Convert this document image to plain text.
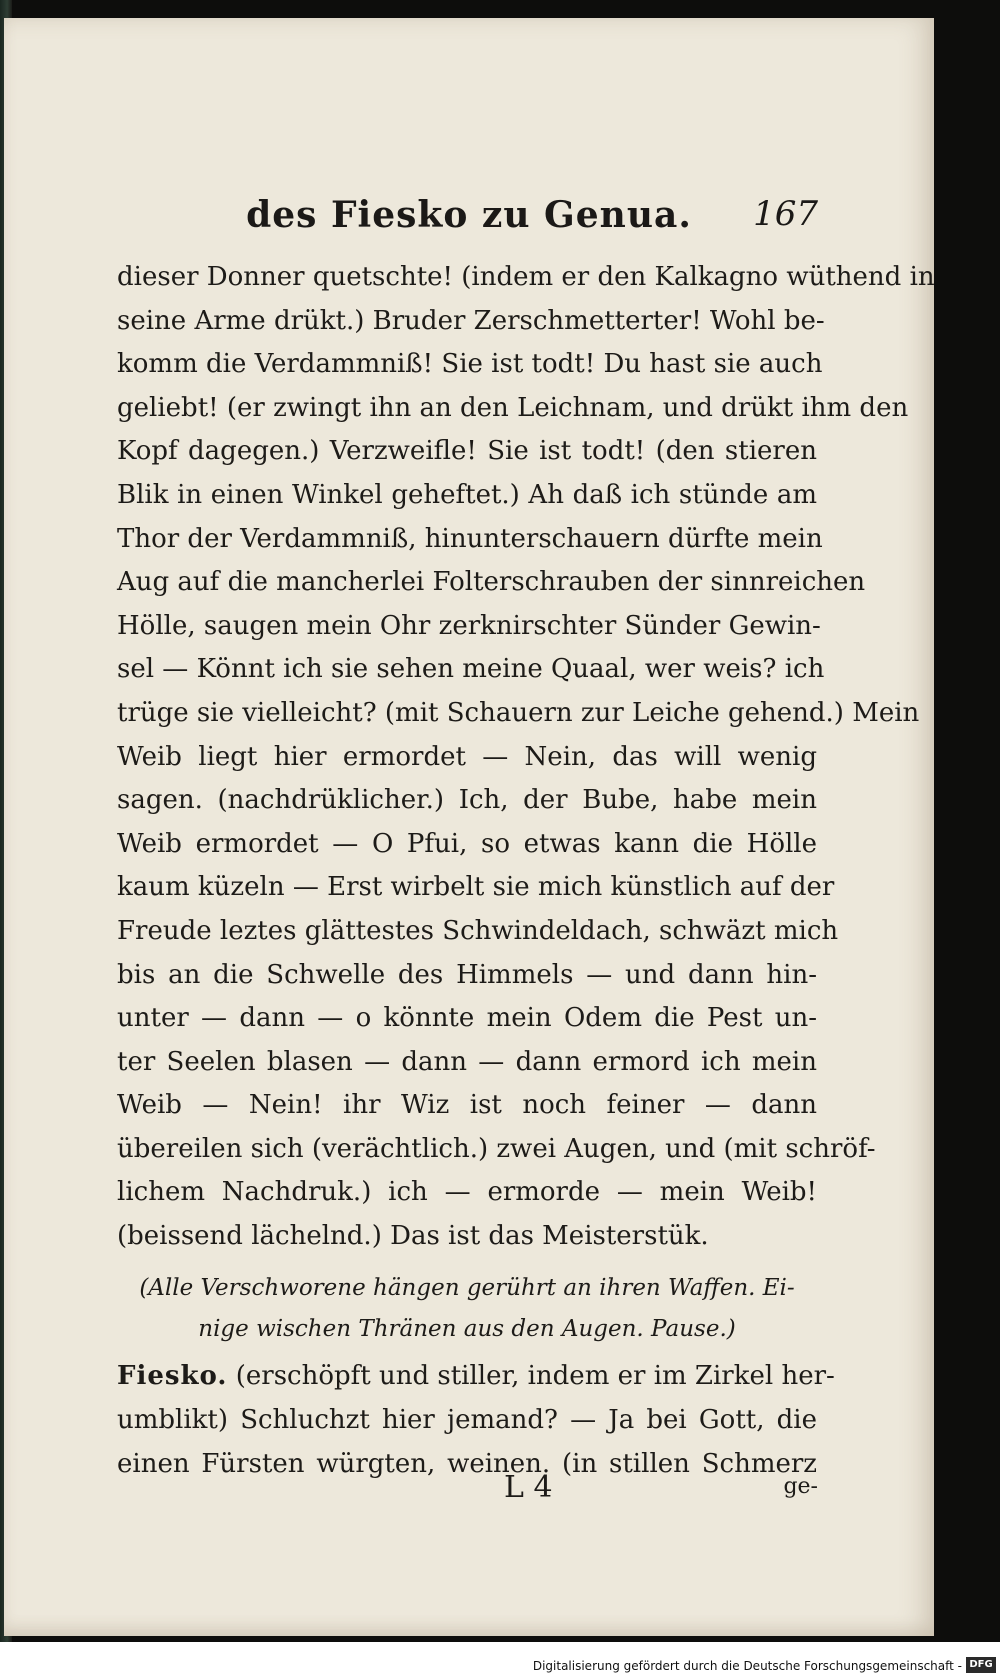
des Fiesko zu Genua.	167
dieser Donner quetschte! (indem er den Kalkagno wüthend in
seine Arme drükt.) Bruder Zerschmetterter! Wohl be-
komm die Verdammniß! Sie ist todt! Du hast sie auch
geliebt! (er zwingt ihn an den Leichnam, und drükt ihm den
Kopf dagegen.) Verzweifle! Sie ist todt! (den stieren
Blik in einen Winkel geheftet.) Ah daß ich stünde am
Thor der Verdammniß, hinunterschauern dürfte mein
Aug auf die mancherlei Folterschrauben der sinnreichen
Hölle, saugen mein Ohr zerknirschter Sünder Gewin-
sel — Könnt ich sie sehen meine Quaal, wer weis? ich
trüge sie vielleicht? (mit Schauern zur Leiche gehend.) Mein
Weib liegt hier ermordet — Nein, das will wenig
sagen. (nachdrüklicher.) Ich, der Bube, habe mein
Weib ermordet — O Pfui, so etwas kann die Hölle
kaum küzeln — Erst wirbelt sie mich künstlich auf der
Freude leztes glättestes Schwindeldach, schwäzt mich
bis an die Schwelle des Himmels — und dann hin-
unter — dann — o könnte mein Odem die Pest un-
ter Seelen blasen — dann — dann ermord ich mein
Weib — Nein! ihr Wiz ist noch feiner — dann
übereilen sich (verächtlich.) zwei Augen, und (mit schröf-
lichem Nachdruk.) ich — ermorde — mein Weib!
(beissend lächelnd.) Das ist das Meisterstük.
(Alle Verschworene hängen gerührt an ihren Waffen. Ei-
nige wischen Thränen aus den Augen. Pause.)
Fiesko. (erschöpft und stiller, indem er im Zirkel her-
umblikt) Schluchzt hier jemand? — Ja bei Gott, die
einen Fürsten würgten, weinen. (in stillen Schmerz
L 4	ge-
Digitalisierung gefördert durch die Deutsche Forschungsgemeinschaft - DFG
